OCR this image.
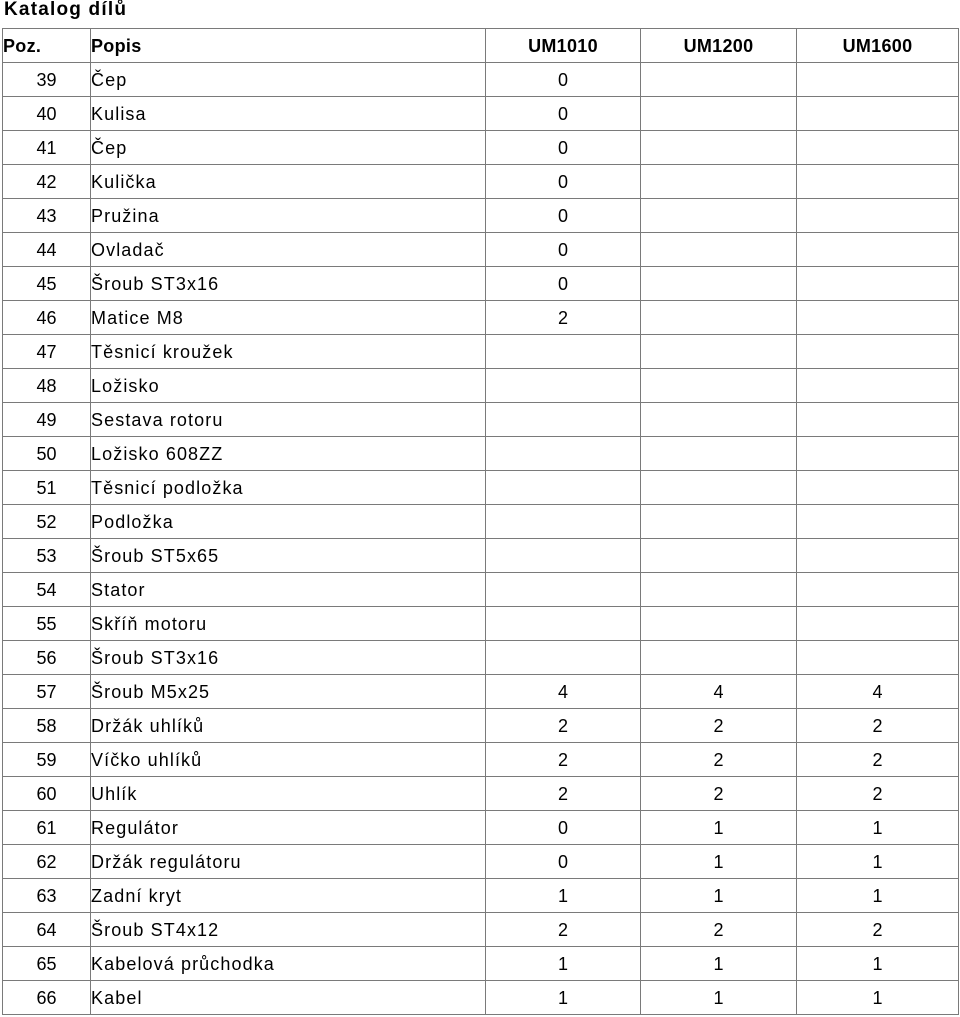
Katalog dílů
Poz.	Popis	UM1010	UM1200	UM1600
39	Čep	0		
40	Kulisa	0		
41	Čep	0		
42	Kulička	0		
43	Pružina	0		
44	Ovladač	0		
45	Šroub ST3x16	0		
46	Matice M8	2		
47	Těsnicí kroužek			
48	Ložisko			
49	Sestava rotoru			
50	Ložisko 608ZZ			
51	Těsnicí podložka			
52	Podložka			
53	Šroub ST5x65			
54	Stator			
55	Skříň motoru			
56	Šroub ST3x16			
57	Šroub M5x25	4	4	4
58	Držák uhlíků	2	2	2
59	Víčko uhlíků	2	2	2
60	Uhlík	2	2	2
61	Regulátor	0	1	1
62	Držák regulátoru	0	1	1
63	Zadní kryt	1	1	1
64	Šroub ST4x12	2	2	2
65	Kabelová průchodka	1	1	1
66	Kabel	1	1	1
